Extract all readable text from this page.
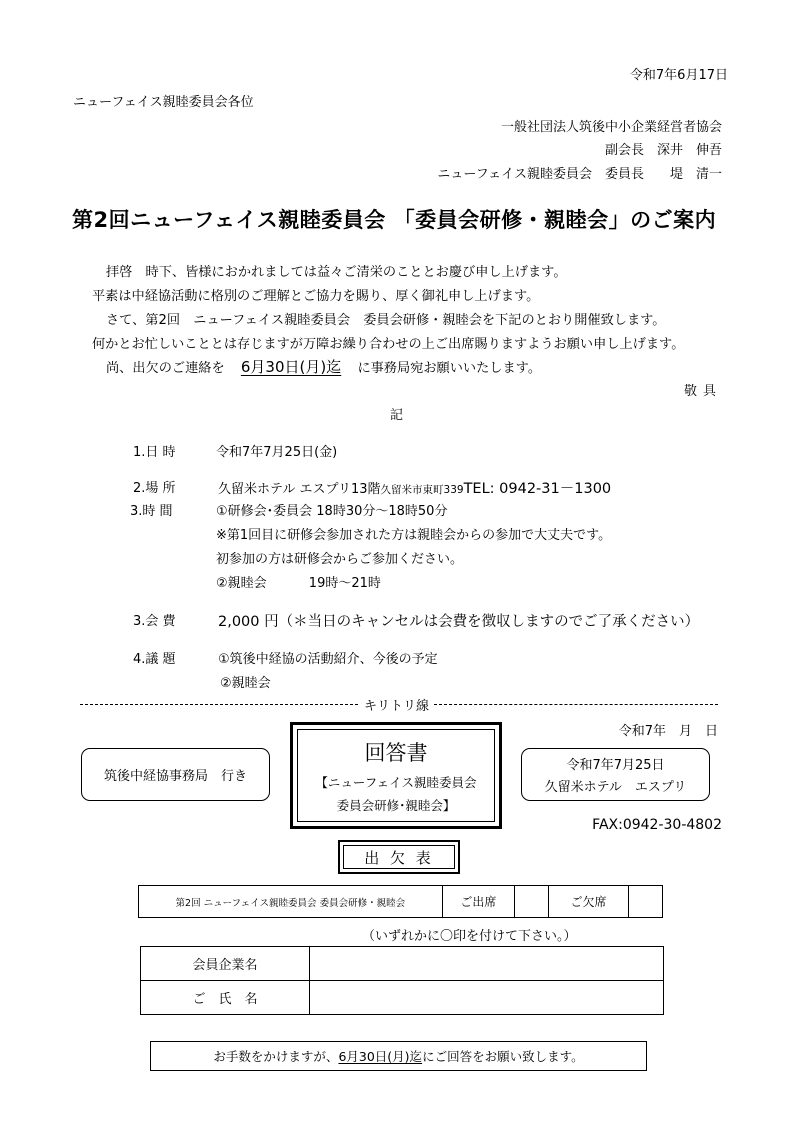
令和7年6月17日
ニューフェイス親睦委員会各位
一般社団法人筑後中小企業経営者協会
副会長　深井　伸吾
ニューフェイス親睦委員会　委員長　　堤　清一
第2回ニューフェイス親睦委員会 「委員会研修・親睦会」のご案内
拝啓　時下、皆様におかれましては益々ご清栄のこととお慶び申し上げます。
平素は中経協活動に格別のご理解とご協力を賜り、厚く御礼申し上げます。
さて、第2回　ニューフェイス親睦委員会　委員会研修・親睦会を下記のとおり開催致します。
何かとお忙しいこととは存じますが万障お繰り合わせの上ご出席賜りますようお願い申し上げます。
尚、出欠のご連絡を 6月30日(月)迄 に事務局宛お願いいたします。
敬具
記
1.日 時	令和7年7月25日(金)
2.場 所	久留米ホテル エスプリ13階久留米市東町339TEL: 0942-31－1300
3.時 間	①研修会･委員会 18時30分～18時50分
※第1回目に研修会参加された方は親睦会からの参加で大丈夫です。
初参加の方は研修会からご参加ください。
②親睦会	19時～21時
3.会 費	2,000 円（＊当日のキャンセルは会費を徴収しますのでご了承ください）
4.議 題	①筑後中経協の活動紹介、今後の予定
②親睦会
キリトリ線
令和7年　月　日
筑後中経協事務局　行き
回答書
【ニューフェイス親睦委員会
委員会研修･親睦会】
令和7年7月25日
久留米ホテル　エスプリ
FAX:0942-30-4802
出 欠 表
第2回 ニューフェイス親睦委員会 委員会研修・親睦会	ご出席		ご欠席	
（いずれかに〇印を付けて下さい。）
会員企業名	
ご　氏　名	
お手数をかけますが、6月30日(月)迄にご回答をお願い致します。
